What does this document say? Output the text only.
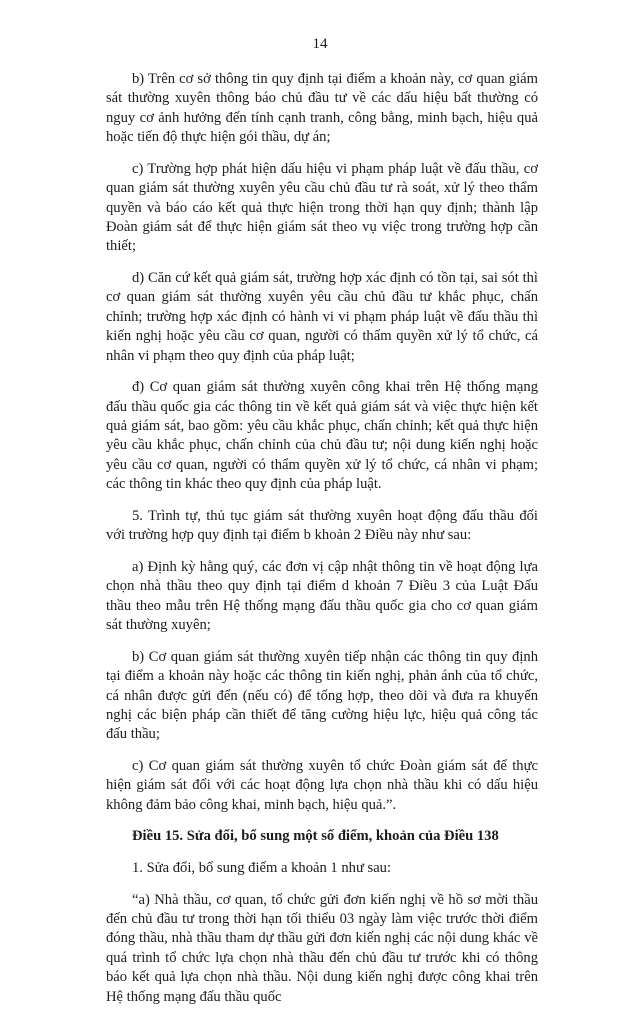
14

b) Trên cơ sở thông tin quy định tại điểm a khoản này, cơ quan giám sát thường xuyên thông báo chủ đầu tư về các dấu hiệu bất thường có nguy cơ ảnh hưởng đến tính cạnh tranh, công bằng, minh bạch, hiệu quả hoặc tiến độ thực hiện gói thầu, dự án;

c) Trường hợp phát hiện dấu hiệu vi phạm pháp luật về đấu thầu, cơ quan giám sát thường xuyên yêu cầu chủ đầu tư rà soát, xử lý theo thẩm quyền và báo cáo kết quả thực hiện trong thời hạn quy định; thành lập Đoàn giám sát để thực hiện giám sát theo vụ việc trong trường hợp cần thiết;

d) Căn cứ kết quả giám sát, trường hợp xác định có tồn tại, sai sót thì cơ quan giám sát thường xuyên yêu cầu chủ đầu tư khắc phục, chấn chỉnh; trường hợp xác định có hành vi vi phạm pháp luật về đấu thầu thì kiến nghị hoặc yêu cầu cơ quan, người có thẩm quyền xử lý tổ chức, cá nhân vi phạm theo quy định của pháp luật;

đ) Cơ quan giám sát thường xuyên công khai trên Hệ thống mạng đấu thầu quốc gia các thông tin về kết quả giám sát và việc thực hiện kết quả giám sát, bao gồm: yêu cầu khắc phục, chấn chỉnh; kết quả thực hiện yêu cầu khắc phục, chấn chỉnh của chủ đầu tư; nội dung kiến nghị hoặc yêu cầu cơ quan, người có thẩm quyền xử lý tổ chức, cá nhân vi phạm; các thông tin khác theo quy định của pháp luật.

5. Trình tự, thủ tục giám sát thường xuyên hoạt động đấu thầu đối với trường hợp quy định tại điểm b khoản 2 Điều này như sau:

a) Định kỳ hằng quý, các đơn vị cập nhật thông tin về hoạt động lựa chọn nhà thầu theo quy định tại điểm d khoản 7 Điều 3 của Luật Đấu thầu theo mẫu trên Hệ thống mạng đấu thầu quốc gia cho cơ quan giám sát thường xuyên;

b) Cơ quan giám sát thường xuyên tiếp nhận các thông tin quy định tại điểm a khoản này hoặc các thông tin kiến nghị, phản ánh của tổ chức, cá nhân được gửi đến (nếu có) để tổng hợp, theo dõi và đưa ra khuyến nghị các biện pháp cần thiết để tăng cường hiệu lực, hiệu quả công tác đấu thầu;

c) Cơ quan giám sát thường xuyên tổ chức Đoàn giám sát để thực hiện giám sát đối với các hoạt động lựa chọn nhà thầu khi có dấu hiệu không đảm bảo công khai, minh bạch, hiệu quả.”.

Điều 15. Sửa đổi, bổ sung một số điểm, khoản của Điều 138

1. Sửa đổi, bổ sung điểm a khoản 1 như sau:

“a) Nhà thầu, cơ quan, tổ chức gửi đơn kiến nghị về hồ sơ mời thầu đến chủ đầu tư trong thời hạn tối thiểu 03 ngày làm việc trước thời điểm đóng thầu, nhà thầu tham dự thầu gửi đơn kiến nghị các nội dung khác về quá trình tổ chức lựa chọn nhà thầu đến chủ đầu tư trước khi có thông báo kết quả lựa chọn nhà thầu. Nội dung kiến nghị được công khai trên Hệ thống mạng đấu thầu quốc
